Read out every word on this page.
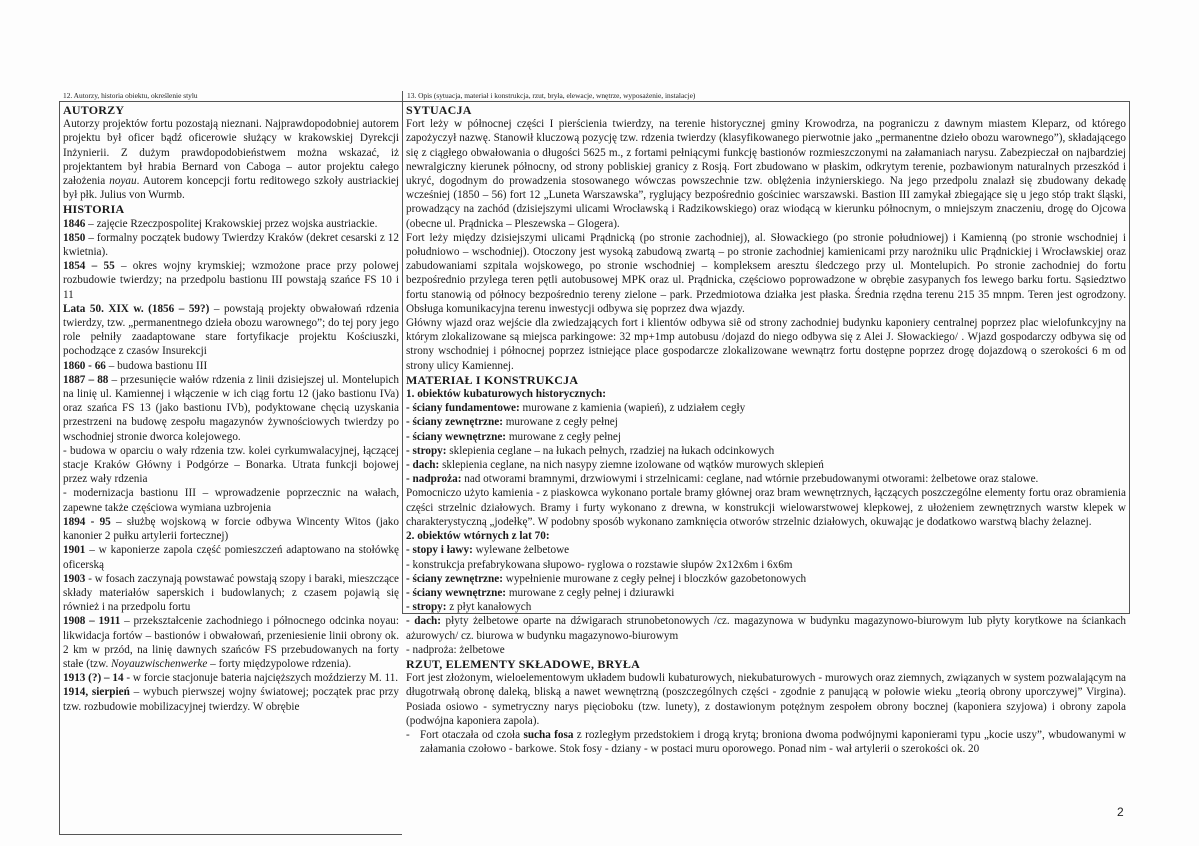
12. Autorzy, historia obiektu, określenie stylu
AUTORZY

Autorzy projektów fortu pozostają nieznani. Najprawdopodobniej autorem projektu był oficer bądź oficerowie służący w krakowskiej Dyrekcji Inżynierii. Z dużym prawdopodobieństwem można wskazać, iż projektantem był hrabia Bernard von Caboga – autor projektu całego założenia noyau. Autorem koncepcji fortu reditowego szkoły austriackiej był płk. Julius von Wurmb.

HISTORIA

1846 – zajęcie Rzeczpospolitej Krakowskiej przez wojska austriackie.

1850 – formalny początek budowy Twierdzy Kraków (dekret cesarski z 12 kwietnia).

1854 – 55 – okres wojny krymskiej; wzmożone prace przy polowej rozbudowie twierdzy; na przedpolu bastionu III powstają szańce FS 10 i 11

Lata 50. XIX w. (1856 – 59?) – powstają projekty obwałowań rdzenia twierdzy, tzw. „permanentnego dzieła obozu warownego”; do tej pory jego role pełniły zaadaptowane stare fortyfikacje projektu Kościuszki, pochodzące z czasów Insurekcji

1860 - 66 – budowa bastionu III

1887 – 88 – przesunięcie wałów rdzenia z linii dzisiejszej ul. Montelupich na linię ul. Kamiennej i włączenie w ich ciąg fortu 12 (jako bastionu IVa) oraz szańca FS 13 (jako bastionu IVb), podyktowane chęcią uzyskania przestrzeni na budowę zespołu magazynów żywnościowych twierdzy po wschodniej stronie dworca kolejowego.

- budowa w oparciu o wały rdzenia tzw. kolei cyrkumwalacyjnej, łączącej stacje Kraków Główny i Podgórze – Bonarka. Utrata funkcji bojowej przez wały rdzenia

- modernizacja bastionu III – wprowadzenie poprzecznic na wałach, zapewne także częściowa wymiana uzbrojenia

1894 - 95 – służbę wojskową w forcie odbywa Wincenty Witos (jako kanonier 2 pułku artylerii fortecznej)

1901 – w kaponierze zapola część pomieszczeń adaptowano na stołówkę oficerską

1903 - w fosach zaczynają powstawać powstają szopy i baraki, mieszczące składy materiałów saperskich i budowlanych; z czasem pojawią się również i na przedpolu fortu

1908 – 1911 – przekształcenie zachodniego i północnego odcinka noyau: likwidacja fortów – bastionów i obwałowań, przeniesienie linii obrony ok. 2 km w przód, na linię dawnych szańców FS przebudowanych na forty stałe (tzw. Noyauzwischenwerke – forty międzypolowe rdzenia).

1913 (?) – 14 - w forcie stacjonuje bateria najcięższych moździerzy M. 11.

1914, sierpień – wybuch pierwszej wojny światowej; początek prac przy tzw. rozbudowie mobilizacyjnej twierdzy. W obrębie

13. Opis (sytuacja, materiał i konstrukcja, rzut, bryła, elewacje, wnętrze, wyposażenie, instalacje)
SYTUACJA

Fort leży w północnej części I pierścienia twierdzy, na terenie historycznej gminy Krowodrza, na pograniczu z dawnym miastem Kleparz, od którego zapożyczył nazwę. Stanowił kluczową pozycję tzw. rdzenia twierdzy (klasyfikowanego pierwotnie jako „permanentne dzieło obozu warownego”), składającego się z ciągłego obwałowania o długości 5625 m., z fortami pełniącymi funkcję bastionów rozmieszczonymi na załamaniach narysu. Zabezpieczał on najbardziej newralgiczny kierunek północny, od strony pobliskiej granicy z Rosją. Fort zbudowano w płaskim, odkrytym terenie, pozbawionym naturalnych przeszkód i ukryć, dogodnym do prowadzenia stosowanego wówczas powszechnie tzw. oblężenia inżynierskiego. Na jego przedpolu znalazł się zbudowany dekadę wcześniej (1850 – 56) fort 12 „Luneta Warszawska”, ryglujący bezpośrednio gościniec warszawski. Bastion III zamykał zbiegające się u jego stóp trakt śląski, prowadzący na zachód (dzisiejszymi ulicami Wrocławską i Radzikowskiego) oraz wiodącą w kierunku północnym, o mniejszym znaczeniu, drogę do Ojcowa (obecne ul. Prądnicka – Pleszewska – Glogera).

Fort leży między dzisiejszymi ulicami Prądnicką (po stronie zachodniej), al. Słowackiego (po stronie południowej) i Kamienną (po stronie wschodniej i południowo – wschodniej). Otoczony jest wysoką zabudową zwartą – po stronie zachodniej kamienicami przy narożniku ulic Prądnickiej i Wrocławskiej oraz zabudowaniami szpitala wojskowego, po stronie wschodniej – kompleksem aresztu śledczego przy ul. Montelupich. Po stronie zachodniej do fortu bezpośrednio przylega teren pętli autobusowej MPK oraz ul. Prądnicka, częściowo poprowadzone w obrębie zasypanych fos lewego barku fortu. Sąsiedztwo fortu stanowią od północy bezpośrednio tereny zielone – park. Przedmiotowa działka jest płaska. Średnia rzędna terenu 215 35 mnpm. Teren jest ogrodzony. Obsługa komunikacyjna terenu inwestycji odbywa się poprzez dwa wjazdy.

Główny wjazd oraz wejście dla zwiedzających fort i klientów odbywa siê od strony zachodniej budynku kaponiery centralnej poprzez plac wielofunkcyjny na którym zlokalizowane są miejsca parkingowe: 32 mp+1mp autobusu /dojazd do niego odbywa się z Alei J. Słowackiego/ . Wjazd gospodarczy odbywa się od strony wschodniej i północnej poprzez istniejące place gospodarcze zlokalizowane wewnątrz fortu dostępne poprzez drogę dojazdową o szerokości 6 m od strony ulicy Kamiennej.

MATERIAŁ I KONSTRUKCJA
1. obiektów kubaturowych historycznych:

- ściany fundamentowe: murowane z kamienia (wapień), z udziałem cegły

- ściany zewnętrzne: murowane z cegły pełnej

- ściany wewnętrzne: murowane z cegły pełnej

- stropy: sklepienia ceglane – na łukach pełnych, rzadziej na łukach odcinkowych

- dach: sklepienia ceglane, na nich nasypy ziemne izolowane od wątków murowych sklepień

- nadproża: nad otworami bramnymi, drzwiowymi i strzelnicami: ceglane, nad wtórnie przebudowanymi otworami: żelbetowe oraz stalowe.

Pomocniczo użyto kamienia - z piaskowca wykonano portale bramy głównej oraz bram wewnętrznych, łączących poszczególne elementy fortu oraz obramienia części strzelnic działowych. Bramy i furty wykonano z drewna, w konstrukcji wielowarstwowej klepkowej, z ułożeniem zewnętrznych warstw klepek w charakterystyczną „jodełkę”. W podobny sposób wykonano zamknięcia otworów strzelnic działowych, okuwając je dodatkowo warstwą blachy żelaznej.

2. obiektów wtórnych z lat 70:

- stopy i ławy: wylewane żelbetowe

- konstrukcja prefabrykowana słupowo- ryglowa o rozstawie słupów 2x12x6m i 6x6m

- ściany zewnętrzne: wypełnienie murowane z cegły pełnej i bloczków gazobetonowych

- ściany wewnętrzne: murowane z cegły pełnej i dziurawki

- stropy: z płyt kanałowych

- dach: płyty żelbetowe oparte na dźwigarach strunobetonowych /cz. magazynowa w budynku magazynowo-biurowym lub płyty korytkowe na ściankach ażurowych/ cz. biurowa w budynku magazynowo-biurowym

- nadproża: żelbetowe

RZUT, ELEMENTY SKŁADOWE, BRYŁA

Fort jest złożonym, wieloelementowym układem budowli kubaturowych, niekubaturowych - murowych oraz ziemnych, związanych w system pozwalającym na długotrwałą obronę daleką, bliską a nawet wewnętrzną (poszczególnych części - zgodnie z panującą w połowie wieku „teorią obrony uporczywej” Virgina). Posiada osiowo - symetryczny narys pięcioboku (tzw. lunety), z dostawionym potężnym zespołem obrony bocznej (kaponiera szyjowa) i obrony zapola (podwójna kaponiera zapola).

- Fort otaczała od czoła sucha fosa z rozległym przedstokiem i drogą krytą; broniona dwoma podwójnymi kaponierami typu „kocie uszy”, wbudowanymi w załamania czołowo - barkowe. Stok fosy - dziany - w postaci muru oporowego. Ponad nim - wał artylerii o szerokości ok. 20
2
